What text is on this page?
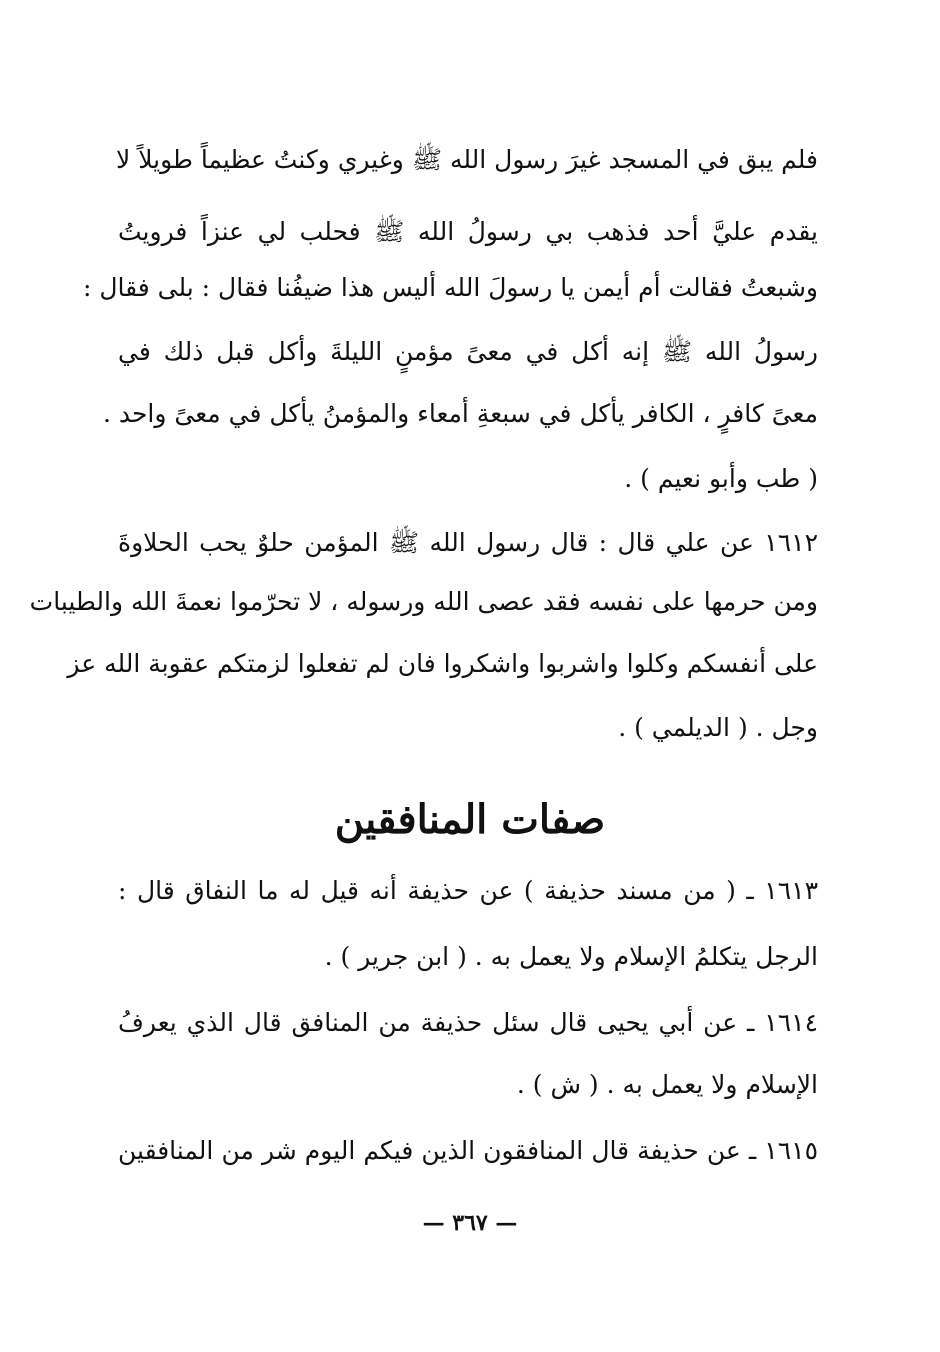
فلم يبق في المسجد غيرَ رسول الله ﷺ وغيري وكنتُ عظيماً طويلاً لا
يقدم عليَّ أحد فذهب بي رسولُ الله ﷺ فحلب لي عنزاً فرويتُ
وشبعتُ فقالت أم أيمن يا رسولَ الله أليس هذا ضيفُنا فقال : بلى فقال :
رسولُ الله ﷺ إنه أكل في معىً مؤمنٍ الليلةَ وأكل قبل ذلك في
معىً كافرٍ ، الكافر يأكل في سبعةِ أمعاء والمؤمنُ يأكل في معىً واحد .
( طب وأبو نعيم ) .
١٦١٢ عن علي قال : قال رسول الله ﷺ المؤمن حلوٌ يحب الحلاوةَ
ومن حرمها على نفسه فقد عصى الله ورسوله ، لا تحرّموا نعمةَ الله والطيبات
على أنفسكم وكلوا واشربوا واشكروا فان لم تفعلوا لزمتكم عقوبة الله عز
وجل . ( الديلمي ) .
صفات المنافقين
١٦١٣ ـ ( من مسند حذيفة ) عن حذيفة أنه قيل له ما النفاق قال :
الرجل يتكلمُ الإسلام ولا يعمل به . ( ابن جرير ) .
١٦١٤ ـ عن أبي يحيى قال سئل حذيفة من المنافق قال الذي يعرفُ
الإسلام ولا يعمل به . ( ش ) .
١٦١٥ ـ عن حذيفة قال المنافقون الذين فيكم اليوم شر من المنافقين
— ٣٦٧ —
